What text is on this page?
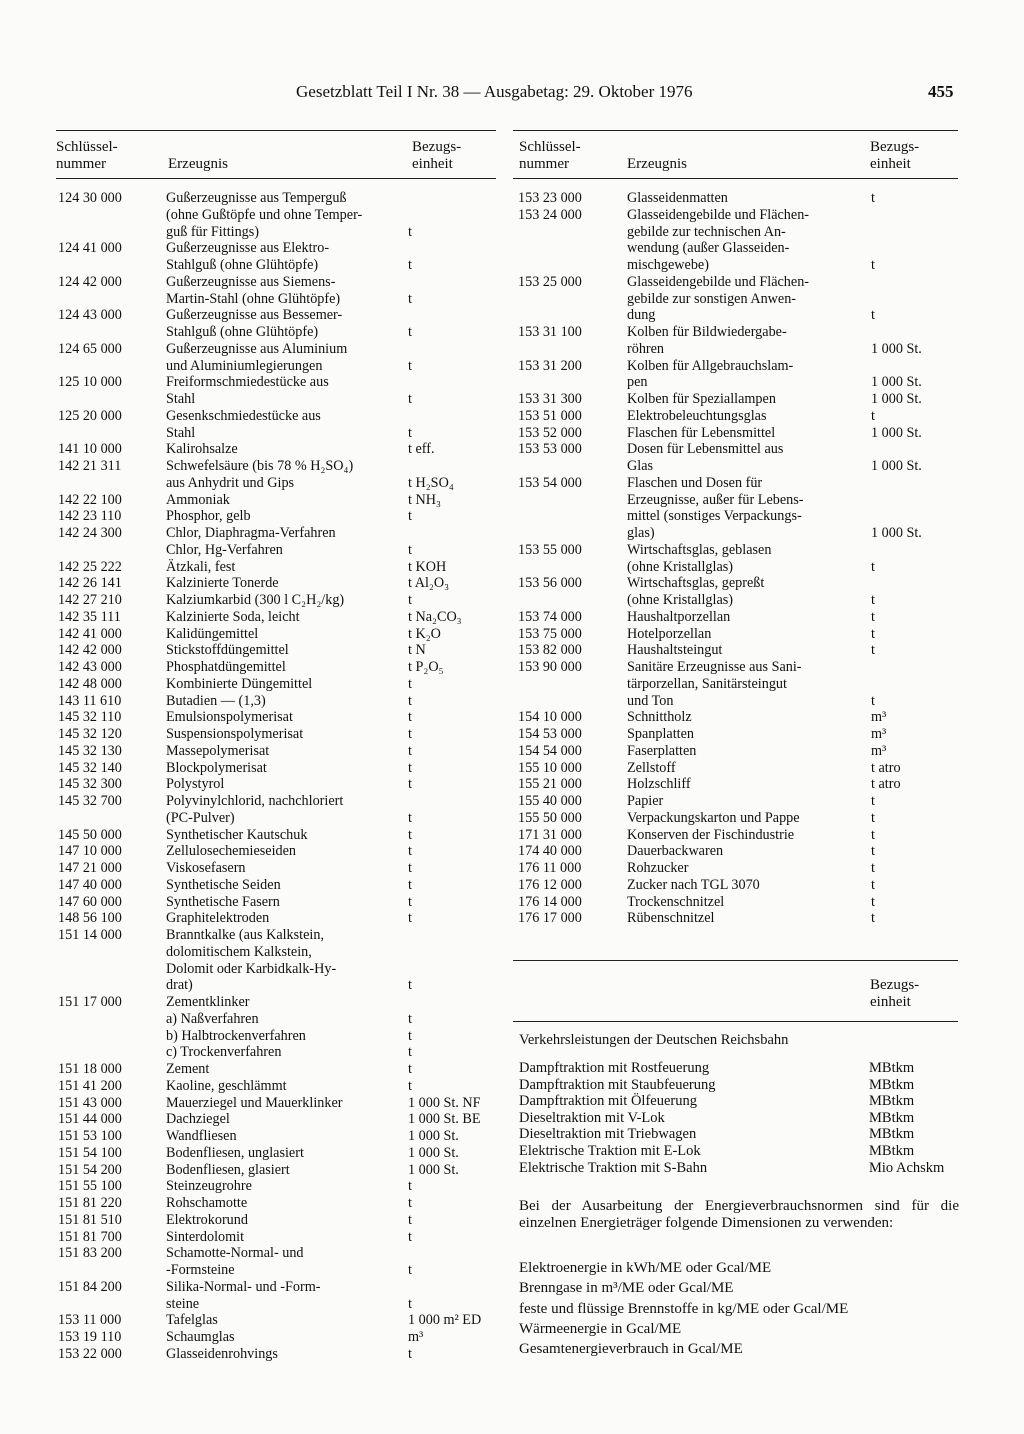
Gesetzblatt Teil I Nr. 38 — Ausgabetag: 29. Oktober 1976	455
Schlüssel-
nummer	Erzeugnis
Bezugs-
einheit
124 30 000	Gußerzeugnisse aus Temperguß
(ohne Gußtöpfe und ohne Temper-
guß für Fittings)	t
124 41 000	Gußerzeugnisse aus Elektro-
Stahlguß (ohne Glühtöpfe)	t
124 42 000	Gußerzeugnisse aus Siemens-
Martin-Stahl (ohne Glühtöpfe)	t
124 43 000	Gußerzeugnisse aus Bessemer-
Stahlguß (ohne Glühtöpfe)	t
124 65 000	Gußerzeugnisse aus Aluminium
und Aluminiumlegierungen	t
125 10 000	Freiformschmiedestücke aus
Stahl	t
125 20 000	Gesenkschmiedestücke aus
Stahl	t
141 10 000	Kalirohsalze	t eff.
142 21 311	Schwefelsäure (bis 78 % H₂SO₄)
aus Anhydrit und Gips	t H₂SO₄
142 22 100	Ammoniak	t NH₃
142 23 110	Phosphor, gelb	t
142 24 300	Chlor, Diaphragma-Verfahren
Chlor, Hg-Verfahren	t
142 25 222	Ätzkali, fest	t KOH
142 26 141	Kalzinierte Tonerde	t Al₂O₃
142 27 210	Kalziumkarbid (300 l C₂H₂/kg)	t
142 35 111	Kalzinierte Soda, leicht	t Na₂CO₃
142 41 000	Kalidüngemittel	t K₂O
142 42 000	Stickstoffdüngemittel	t N
142 43 000	Phosphatdüngemittel	t P₂O₅
142 48 000	Kombinierte Düngemittel	t
143 11 610	Butadien — (1,3)	t
145 32 110	Emulsionspolymerisat	t
145 32 120	Suspensionspolymerisat	t
145 32 130	Massepolymerisat	t
145 32 140	Blockpolymerisat	t
145 32 300	Polystyrol	t
145 32 700	Polyvinylchlorid, nachchloriert
(PC-Pulver)	t
145 50 000	Synthetischer Kautschuk	t
147 10 000	Zellulosechemieseiden	t
147 21 000	Viskosefasern	t
147 40 000	Synthetische Seiden	t
147 60 000	Synthetische Fasern	t
148 56 100	Graphitelektroden	t
151 14 000	Branntkalke (aus Kalkstein,
dolomitischem Kalkstein,
Dolomit oder Karbidkalk-Hy-
drat)	t
151 17 000	Zementklinker
a) Naßverfahren	t
b) Halbtrockenverfahren	t
c) Trockenverfahren	t
151 18 000	Zement	t
151 41 200	Kaoline, geschlämmt	t
151 43 000	Mauerziegel und Mauerklinker	1 000 St. NF
151 44 000	Dachziegel	1 000 St. BE
151 53 100	Wandfliesen	1 000 St.
151 54 100	Bodenfliesen, unglasiert	1 000 St.
151 54 200	Bodenfliesen, glasiert	1 000 St.
151 55 100	Steinzeugrohre	t
151 81 220	Rohschamotte	t
151 81 510	Elektrokorund	t
151 81 700	Sinterdolomit	t
151 83 200	Schamotte-Normal- und
-Formsteine	t
151 84 200	Silika-Normal- und -Form-
steine	t
153 11 000	Tafelglas	1 000 m² ED
153 19 110	Schaumglas	m³
153 22 000	Glasseidenrohvings	t
Schlüssel-
nummer	Erzeugnis
Bezugs-
einheit
153 23 000	Glasseidenmatten	t
153 24 000	Glasseidengebilde und Flächen-
gebilde zur technischen An-
wendung (außer Glasseiden-
mischgewebe)	t
153 25 000	Glasseidengebilde und Flächen-
gebilde zur sonstigen Anwen-
dung	t
153 31 100	Kolben für Bildwiedergabe-
röhren	1 000 St.
153 31 200	Kolben für Allgebrauchslam-
pen	1 000 St.
153 31 300	Kolben für Speziallampen	1 000 St.
153 51 000	Elektrobeleuchtungsglas	t
153 52 000	Flaschen für Lebensmittel	1 000 St.
153 53 000	Dosen für Lebensmittel aus
Glas	1 000 St.
153 54 000	Flaschen und Dosen für
Erzeugnisse, außer für Lebens-
mittel (sonstiges Verpackungs-
glas)	1 000 St.
153 55 000	Wirtschaftsglas, geblasen
(ohne Kristallglas)	t
153 56 000	Wirtschaftsglas, gepreßt
(ohne Kristallglas)	t
153 74 000	Haushaltporzellan	t
153 75 000	Hotelporzellan	t
153 82 000	Haushaltsteingut	t
153 90 000	Sanitäre Erzeugnisse aus Sani-
tärporzellan, Sanitärsteingut
und Ton	t
154 10 000	Schnittholz	m³
154 53 000	Spanplatten	m³
154 54 000	Faserplatten	m³
155 10 000	Zellstoff	t atro
155 21 000	Holzschliff	t atro
155 40 000	Papier	t
155 50 000	Verpackungskarton und Pappe	t
171 31 000	Konserven der Fischindustrie	t
174 40 000	Dauerbackwaren	t
176 11 000	Rohzucker	t
176 12 000	Zucker nach TGL 3070	t
176 14 000	Trockenschnitzel	t
176 17 000	Rübenschnitzel	t
Bezugs-
einheit
Verkehrsleistungen der Deutschen Reichsbahn
Dampftraktion mit Rostfeuerung	MBtkm
Dampftraktion mit Staubfeuerung	MBtkm
Dampftraktion mit Ölfeuerung	MBtkm
Dieseltraktion mit V-Lok	MBtkm
Dieseltraktion mit Triebwagen	MBtkm
Elektrische Traktion mit E-Lok	MBtkm
Elektrische Traktion mit S-Bahn	Mio Achskm
Bei der Ausarbeitung der Energieverbrauchsnormen sind für die einzelnen Energieträger folgende Dimensionen zu verwenden:
Elektroenergie in kWh/ME oder Gcal/ME
Brenngase in m³/ME oder Gcal/ME
feste und flüssige Brennstoffe in kg/ME oder Gcal/ME
Wärmeenergie in Gcal/ME
Gesamtenergieverbrauch in Gcal/ME
